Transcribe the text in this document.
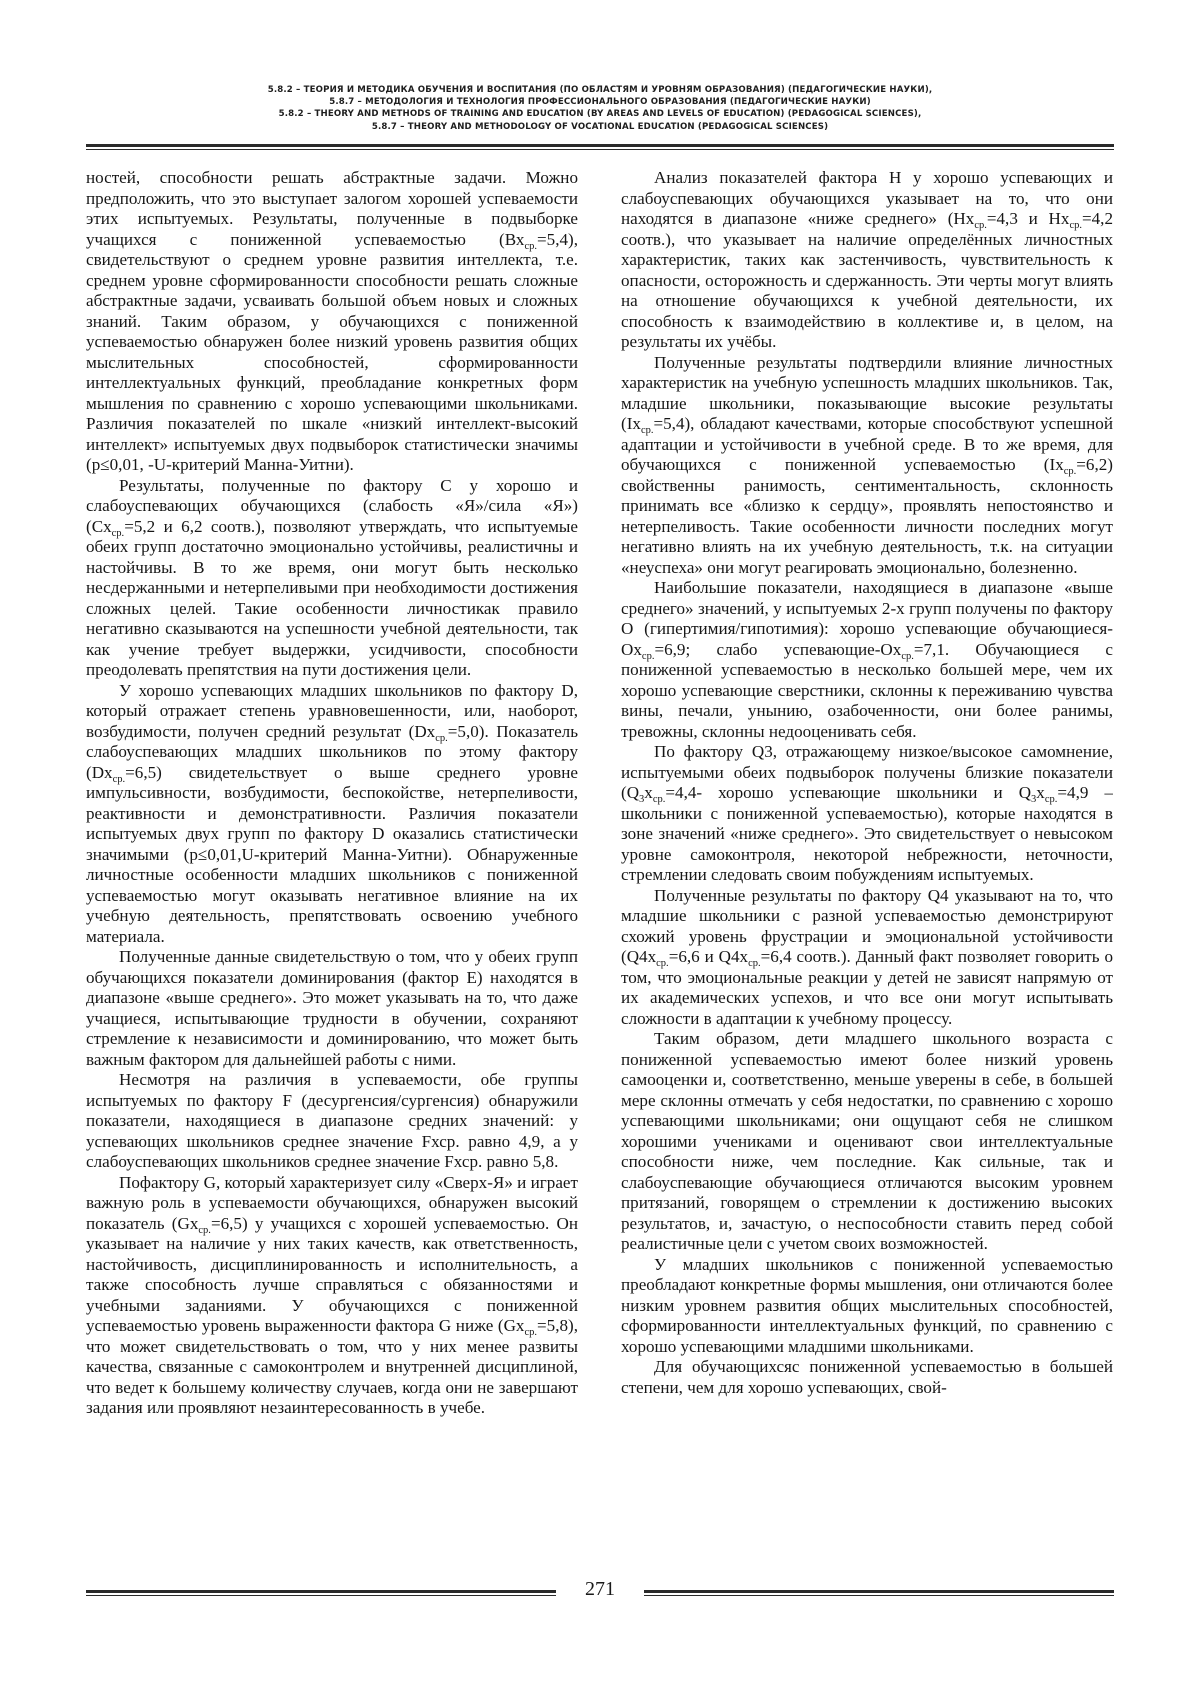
5.8.2 – ТЕОРИЯ И МЕТОДИКА ОБУЧЕНИЯ И ВОСПИТАНИЯ (ПО ОБЛАСТЯМ И УРОВНЯМ ОБРАЗОВАНИЯ) (ПЕДАГОГИЧЕСКИЕ НАУКИ),
5.8.7 – МЕТОДОЛОГИЯ И ТЕХНОЛОГИЯ ПРОФЕССИОНАЛЬНОГО ОБРАЗОВАНИЯ (ПЕДАГОГИЧЕСКИЕ НАУКИ)
5.8.2 – THEORY AND METHODS OF TRAINING AND EDUCATION (BY AREAS AND LEVELS OF EDUCATION) (PEDAGOGICAL SCIENCES),
5.8.7 – THEORY AND METHODOLOGY OF VOCATIONAL EDUCATION (PEDAGOGICAL SCIENCES)

ностей, способности решать абстрактные задачи. Можно предположить, что это выступает залогом хорошей успеваемости этих испытуемых. Результаты, полученные в подвыборке учащихся с пониженной успеваемостью $(Вх_{ср.}=5,4)$, свидетельствуют о среднем уровне развития интеллекта, т.е. среднем уровне сформированности способности решать сложные абстрактные задачи, усваивать большой объем новых и сложных знаний. Таким образом, у обучающихся с пониженной успеваемостью обнаружен более низкий уровень развития общих мыслительных способностей, сформированности интеллектуальных функций, преобладание конкретных форм мышления по сравнению с хорошо успевающими школьниками. Различия показателей по шкале «низкий интеллект-высокий интеллект» испытуемых двух подвыборок статистически значимы (р≤0,01, -U-критерий Манна-Уитни).

Результаты, полученные по фактору С у хорошо и слабоуспевающих обучающихся (слабость «Я»/сила «Я») ($Сх_{ср.}=5,2$ и 6,2 соотв.), позволяют утверждать, что испытуемые обеих групп достаточно эмоционально устойчивы, реалистичны и настойчивы. В то же время, они могут быть несколько несдержанными и нетерпеливыми при необходимости достижения сложных целей. Такие особенности личностикак правило негативно сказываются на успешности учебной деятельности, так как учение требует выдержки, усидчивости, способности преодолевать препятствия на пути достижения цели.

У хорошо успевающих младших школьников по фактору D, который отражает степень уравновешенности, или, наоборот, возбудимости, получен средний результат $(Dх_{ср.}=5,0)$. Показатель слабоуспевающих младших школьников по этому фактору $(Dх_{ср.}=6,5)$ свидетельствует о выше среднего уровне импульсивности, возбудимости, беспокойстве, нетерпеливости, реактивности и демонстративности. Различия показатели испытуемых двух групп по фактору D оказались статистически значимыми (р≤0,01,U-критерий Манна-Уитни). Обнаруженные личностные особенности младших школьников с пониженной успеваемостью могут оказывать негативное влияние на их учебную деятельность, препятствовать освоению учебного материала.

Полученные данные свидетельствую о том, что у обеих групп обучающихся показатели доминирования (фактор Е) находятся в диапазоне «выше среднего». Это может указывать на то, что даже учащиеся, испытывающие трудности в обучении, сохраняют стремление к независимости и доминированию, что может быть важным фактором для дальнейшей работы с ними.

Несмотря на различия в успеваемости, обе группы испытуемых по фактору F (десургенсия/сургенсия) обнаружили показатели, находящиеся в диапазоне средних значений: у успевающих школьников среднее значение Fхср. равно 4,9, а у слабоуспевающих школьников среднее значение Fхср. равно 5,8.

Пофактору G, который характеризует силу «Сверх-Я» и играет важную роль в успеваемости обучающихся, обнаружен высокий показатель $(Gх_{ср.}=6,5)$ у учащихся с хорошей успеваемостью. Он указывает на наличие у них таких качеств, как ответственность, настойчивость, дисциплинированность и исполнительность, а также способность лучше справляться с обязанностями и учебными заданиями. У обучающихся с пониженной успеваемостью уровень выраженности фактора G ниже $(Gх_{ср.}=5,8)$, что может свидетельствовать о том, что у них менее развиты качества, связанные с самоконтролем и внутренней дисциплиной, что ведет к большему количеству случаев, когда они не завершают задания или проявляют незаинтересованность в учебе.

Анализ показателей фактора Н у хорошо успевающих и слабоуспевающих обучающихся указывает на то, что они находятся в диапазоне «ниже среднего» ($Нх_{ср.}=4,3$ и $Нх_{ср.}=4,2$ соотв.), что указывает на наличие определённых личностных характеристик, таких как застенчивость, чувствительность к опасности, осторожность и сдержанность. Эти черты могут влиять на отношение обучающихся к учебной деятельности, их способность к взаимодействию в коллективе и, в целом, на результаты их учёбы.

Полученные результаты подтвердили влияние личностных характеристик на учебную успешность младших школьников. Так, младшие школьники, показывающие высокие результаты $(Iх_{ср.}=5,4)$, обладают качествами, которые способствуют успешной адаптации и устойчивости в учебной среде. В то же время, для обучающихся с пониженной успеваемостью $(Iх_{ср.}=6,2)$ свойственны ранимость, сентиментальность, склонность принимать все «близко к сердцу», проявлять непостоянство и нетерпеливость. Такие особенности личности последних могут негативно влиять на их учебную деятельность, т.к. на ситуации «неуспеха» они могут реагировать эмоционально, болезненно.

Наибольшие показатели, находящиеся в диапазоне «выше среднего» значений, у испытуемых 2-х групп получены по фактору О (гипертимия/гипотимия): хорошо успевающие обучающиеся-$Ох_{ср.}=6,9$; слабо успевающие-$Ох_{ср.}=7,1$. Обучающиеся с пониженной успеваемостью в несколько большей мере, чем их хорошо успевающие сверстники, склонны к переживанию чувства вины, печали, унынию, озабоченности, они более ранимы, тревожны, склонны недооценивать себя.

По фактору Q3, отражающему низкое/высокое самомнение, испытуемыми обеих подвыборок получены близкие показатели ($Q_3х_{ср.}=4,4-$ хорошо успевающие школьники и $Q_3х_{ср.}=4,9$ – школьники с пониженной успеваемостью), которые находятся в зоне значений «ниже среднего». Это свидетельствует о невысоком уровне самоконтроля, некоторой небрежности, неточности, стремлении следовать своим побуждениям испытуемых.

Полученные результаты по фактору Q4 указывают на то, что младшие школьники с разной успеваемостью демонстрируют схожий уровень фрустрации и эмоциональной устойчивости ($Q4х_{ср.}=6,6$ и $Q4х_{ср.}=6,4$ соотв.). Данный факт позволяет говорить о том, что эмоциональные реакции у детей не зависят напрямую от их академических успехов, и что все они могут испытывать сложности в адаптации к учебному процессу.

Таким образом, дети младшего школьного возраста с пониженной успеваемостью имеют более низкий уровень самооценки и, соответственно, меньше уверены в себе, в большей мере склонны отмечать у себя недостатки, по сравнению с хорошо успевающими школьниками; они ощущают себя не слишком хорошими учениками и оценивают свои интеллектуальные способности ниже, чем последние. Как сильные, так и слабоуспевающие обучающиеся отличаются высоким уровнем притязаний, говорящем о стремлении к достижению высоких результатов, и, зачастую, о неспособности ставить перед собой реалистичные цели с учетом своих возможностей.

У младших школьников с пониженной успеваемостью преобладают конкретные формы мышления, они отличаются более низким уровнем развития общих мыслительных способностей, сформированности интеллектуальных функций, по сравнению с хорошо успевающими младшими школьниками.

Для обучающихсяс пониженной успеваемостью в большей степени, чем для хорошо успевающих, свой-

271
